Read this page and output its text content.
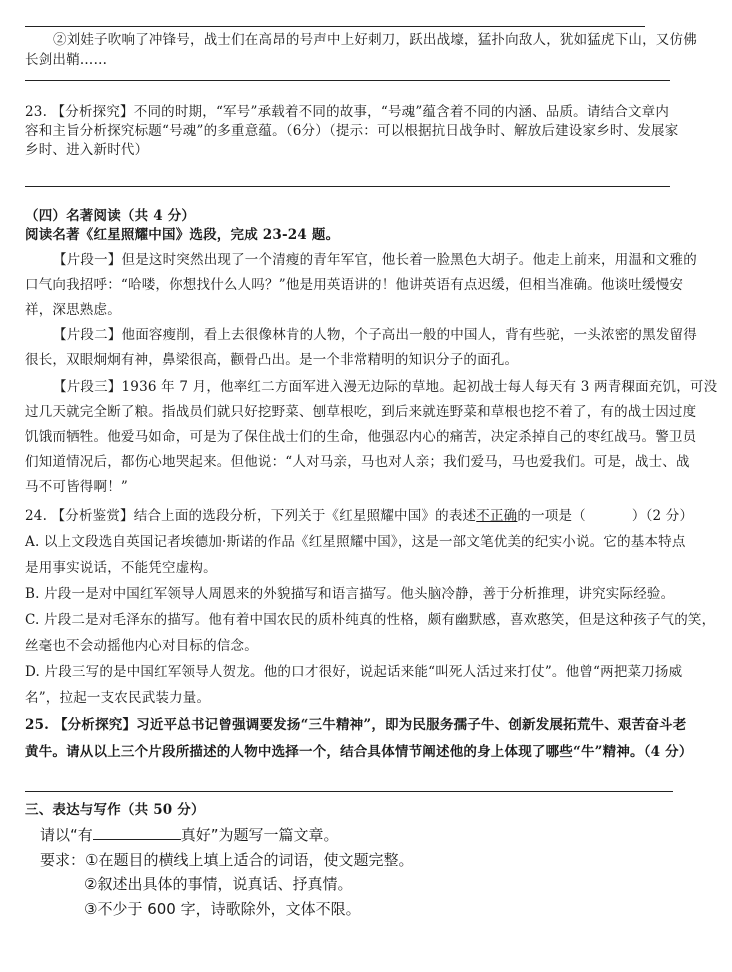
②刘娃子吹响了冲锋号，战士们在高昂的号声中上好刺刀，跃出战壕，猛扑向敌人，犹如猛虎下山，又仿佛
长剑出鞘……
23. 【分析探究】不同的时期，“军号”承载着不同的故事，“号魂”蕴含着不同的内涵、品质。请结合文章内
容和主旨分析探究标题“号魂”的多重意蕴。（6分）（提示：可以根据抗日战争时、解放后建设家乡时、发展家
乡时、进入新时代）
（四）名著阅读（共 4 分）
阅读名著《红星照耀中国》选段，完成 23-24 题。
【片段一】但是这时突然出现了一个清瘦的青年军官，他长着一脸黑色大胡子。他走上前来，用温和文雅的
口气向我招呼：“哈喽，你想找什么人吗？”他是用英语讲的！他讲英语有点迟缓，但相当准确。他谈吐缓慢安
祥，深思熟虑。
【片段二】他面容瘦削，看上去很像林肯的人物，个子高出一般的中国人，背有些驼，一头浓密的黑发留得
很长，双眼炯炯有神，鼻梁很高，颧骨凸出。是一个非常精明的知识分子的面孔。
【片段三】1936 年 7 月，他率红二方面军进入漫无边际的草地。起初战士每人每天有 3 两青稞面充饥，可没
过几天就完全断了粮。指战员们就只好挖野菜、刨草根吃，到后来就连野菜和草根也挖不着了，有的战士因过度
饥饿而牺牲。他爱马如命，可是为了保住战士们的生命，他强忍内心的痛苦，决定杀掉自己的枣红战马。警卫员
们知道情况后，都伤心地哭起来。但他说：“人对马亲，马也对人亲；我们爱马，马也爱我们。可是，战士、战
马不可皆得啊！”
24. 【分析鉴赏】结合上面的选段分析，下列关于《红星照耀中国》的表述不正确的一项是（	）（2 分）
A. 以上文段选自英国记者埃德加·斯诺的作品《红星照耀中国》，这是一部文笔优美的纪实小说。它的基本特点
是用事实说话，不能凭空虚构。
B. 片段一是对中国红军领导人周恩来的外貌描写和语言描写。他头脑冷静，善于分析推理，讲究实际经验。
C. 片段二是对毛泽东的描写。他有着中国农民的质朴纯真的性格，颇有幽默感，喜欢憨笑，但是这种孩子气的笑，
丝毫也不会动摇他内心对目标的信念。
D. 片段三写的是中国红军领导人贺龙。他的口才很好，说起话来能“叫死人活过来打仗”。他曾“两把菜刀扬威
名”，拉起一支农民武装力量。
25. 【分析探究】习近平总书记曾强调要发扬“三牛精神”，即为民服务孺子牛、创新发展拓荒牛、艰苦奋斗老
黄牛。请从以上三个片段所描述的人物中选择一个，结合具体情节阐述他的身上体现了哪些“牛”精神。（4 分）
三、表达与写作（共 50 分）
请以“有	真好”为题写一篇文章。
要求：①在题目的横线上填上适合的词语，使文题完整。
②叙述出具体的事情，说真话、抒真情。
③不少于 600 字，诗歌除外，文体不限。
